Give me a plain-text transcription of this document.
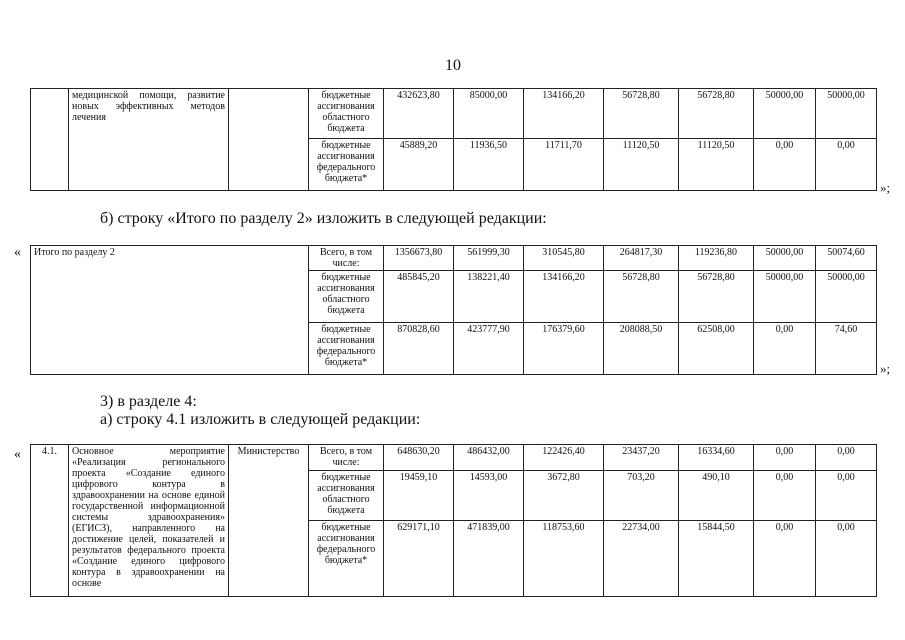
10
	медицинской помощи, развитие новых эффективных методов лечения		бюджетные ассигнования областного бюджета	432623,80	85000,00	134166,20	56728,80	56728,80	50000,00	50000,00
			бюджетные ассигнования федерального бюджета*	45889,20	11936,50	11711,70	11120,50	11120,50	0,00	0,00
»;
б) строку «Итого по разделу 2» изложить в следующей редакции:
« Итого по разделу 2	Всего, в том числе:	1356673,80	561999,30	310545,80	264817,30	119236,80	50000,00	50074,60
	бюджетные ассигнования областного бюджета	485845,20	138221,40	134166,20	56728,80	56728,80	50000,00	50000,00
	бюджетные ассигнования федерального бюджета*	870828,60	423777,90	176379,60	208088,50	62508,00	0,00	74,60
»;
3) в разделе 4:
а) строку 4.1 изложить в следующей редакции:
« 4.1.	Основное мероприятие «Реализация регионального проекта «Создание единого цифрового контура в здравоохранении на основе единой государственной информационной системы здравоохранения» (ЕГИСЗ), направленного на достижение целей, показателей и результатов федерального проекта «Создание единого цифрового контура в здравоохранении на основе	Министерство	Всего, в том числе:	648630,20	486432,00	122426,40	23437,20	16334,60	0,00	0,00
			бюджетные ассигнования областного бюджета	19459,10	14593,00	3672,80	703,20	490,10	0,00	0,00
			бюджетные ассигнования федерального бюджета*	629171,10	471839,00	118753,60	22734,00	15844,50	0,00	0,00
